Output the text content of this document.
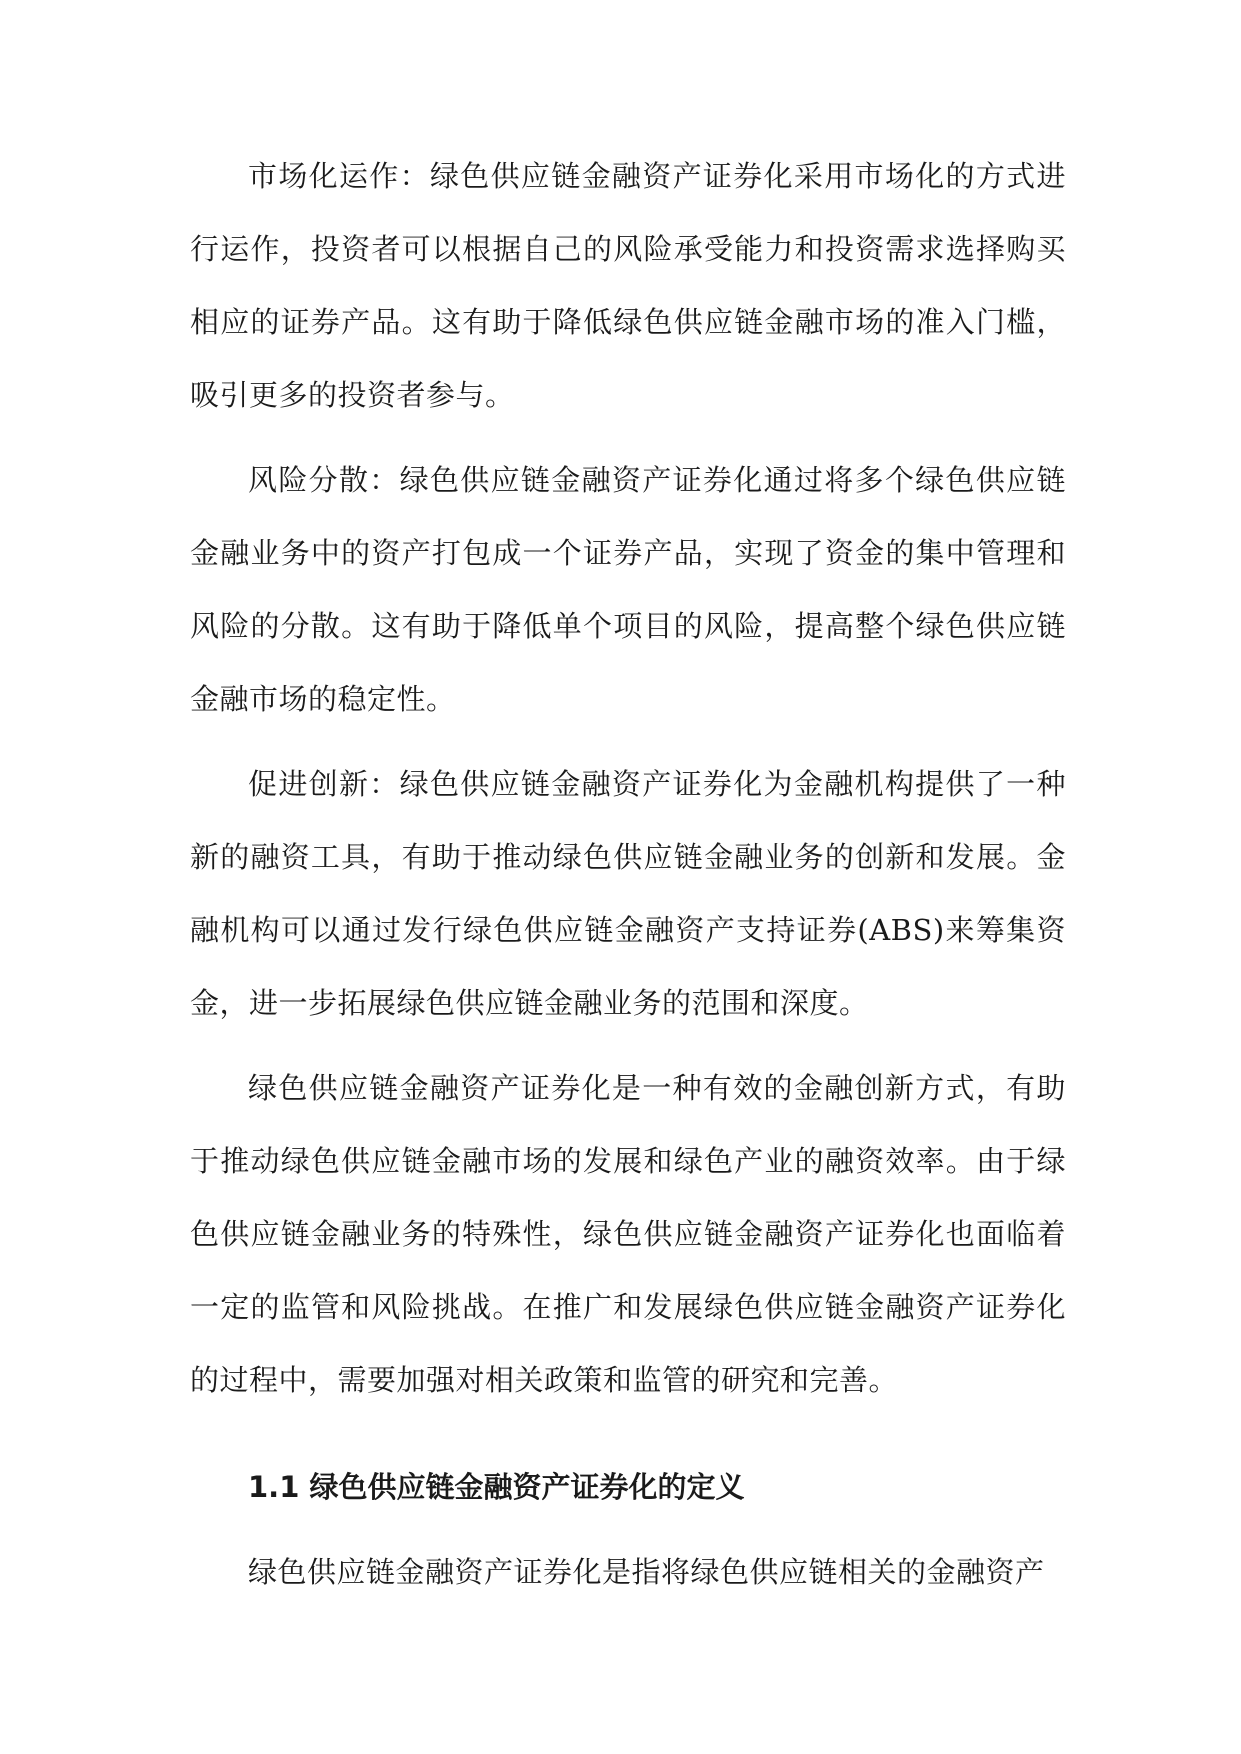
市场化运作：绿色供应链金融资产证券化采用市场化的方式进行运作，投资者可以根据自己的风险承受能力和投资需求选择购买相应的证券产品。这有助于降低绿色供应链金融市场的准入门槛，吸引更多的投资者参与。

风险分散：绿色供应链金融资产证券化通过将多个绿色供应链金融业务中的资产打包成一个证券产品，实现了资金的集中管理和风险的分散。这有助于降低单个项目的风险，提高整个绿色供应链金融市场的稳定性。

促进创新：绿色供应链金融资产证券化为金融机构提供了一种新的融资工具，有助于推动绿色供应链金融业务的创新和发展。金融机构可以通过发行绿色供应链金融资产支持证券(ABS)来筹集资金，进一步拓展绿色供应链金融业务的范围和深度。

绿色供应链金融资产证券化是一种有效的金融创新方式，有助于推动绿色供应链金融市场的发展和绿色产业的融资效率。由于绿色供应链金融业务的特殊性，绿色供应链金融资产证券化也面临着一定的监管和风险挑战。在推广和发展绿色供应链金融资产证券化的过程中，需要加强对相关政策和监管的研究和完善。

1.1 绿色供应链金融资产证券化的定义

绿色供应链金融资产证券化是指将绿色供应链相关的金融资产
